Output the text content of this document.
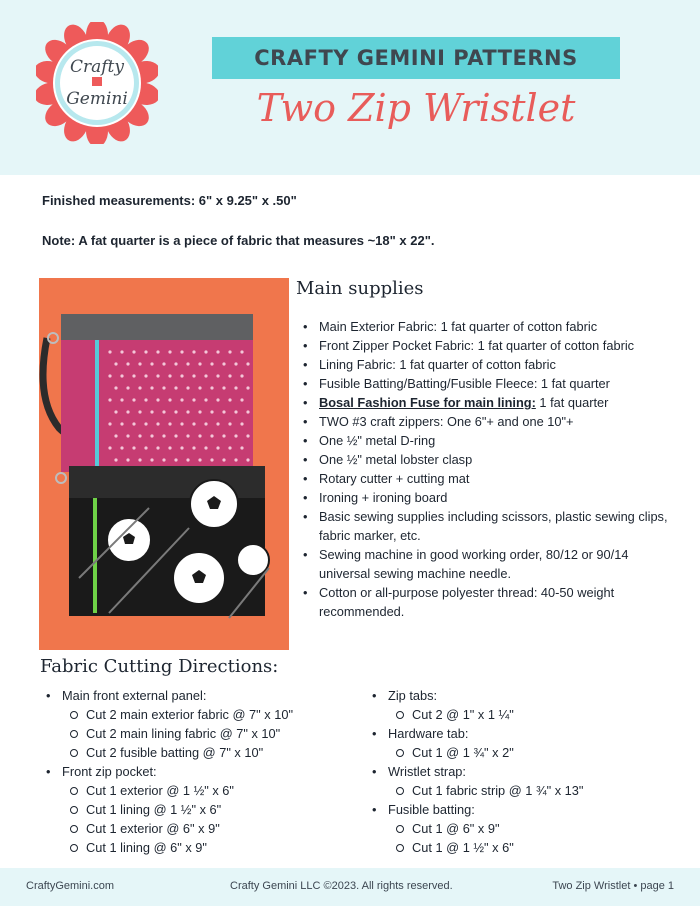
Crafty
Gemini
CRAFTY GEMINI PATTERNS
Two Zip Wristlet
Finished measurements: 6" x 9.25" x .50"
Note: A fat quarter is a piece of fabric that measures ~18" x 22".
Main supplies
• Main Exterior Fabric: 1 fat quarter of cotton fabric
• Front Zipper Pocket Fabric: 1 fat quarter of cotton fabric
• Lining Fabric: 1 fat quarter of cotton fabric
• Fusible Batting/Batting/Fusible Fleece: 1 fat quarter
• Bosal Fashion Fuse for main lining: 1 fat quarter
• TWO #3 craft zippers: One 6"+ and one 10"+
• One ½" metal D-ring
• One ½" metal lobster clasp
• Rotary cutter + cutting mat
• Ironing + ironing board
• Basic sewing supplies including scissors, plastic sewing clips, fabric marker, etc.
• Sewing machine in good working order, 80/12 or 90/14 universal sewing machine needle.
• Cotton or all-purpose polyester thread: 40-50 weight recommended.
Fabric Cutting Directions:
• Main front external panel:
Cut 2 main exterior fabric @ 7" x 10"
Cut 2 main lining fabric @ 7" x 10"
Cut 2 fusible batting @ 7" x 10"
• Front zip pocket:
Cut 1 exterior @ 1 ½" x 6"
Cut 1 lining @ 1 ½" x 6"
Cut 1 exterior @ 6" x 9"
Cut 1 lining @ 6" x 9"
• Zip tabs:
Cut 2 @ 1" x 1 ¼"
• Hardware tab:
Cut 1 @ 1 ¾" x 2"
• Wristlet strap:
Cut 1 fabric strip @ 1 ¾" x 13"
• Fusible batting:
Cut 1 @ 6" x 9"
Cut 1 @ 1 ½" x 6"
CraftyGemini.com	Crafty Gemini LLC ©2023. All rights reserved.	Two Zip Wristlet • page 1
